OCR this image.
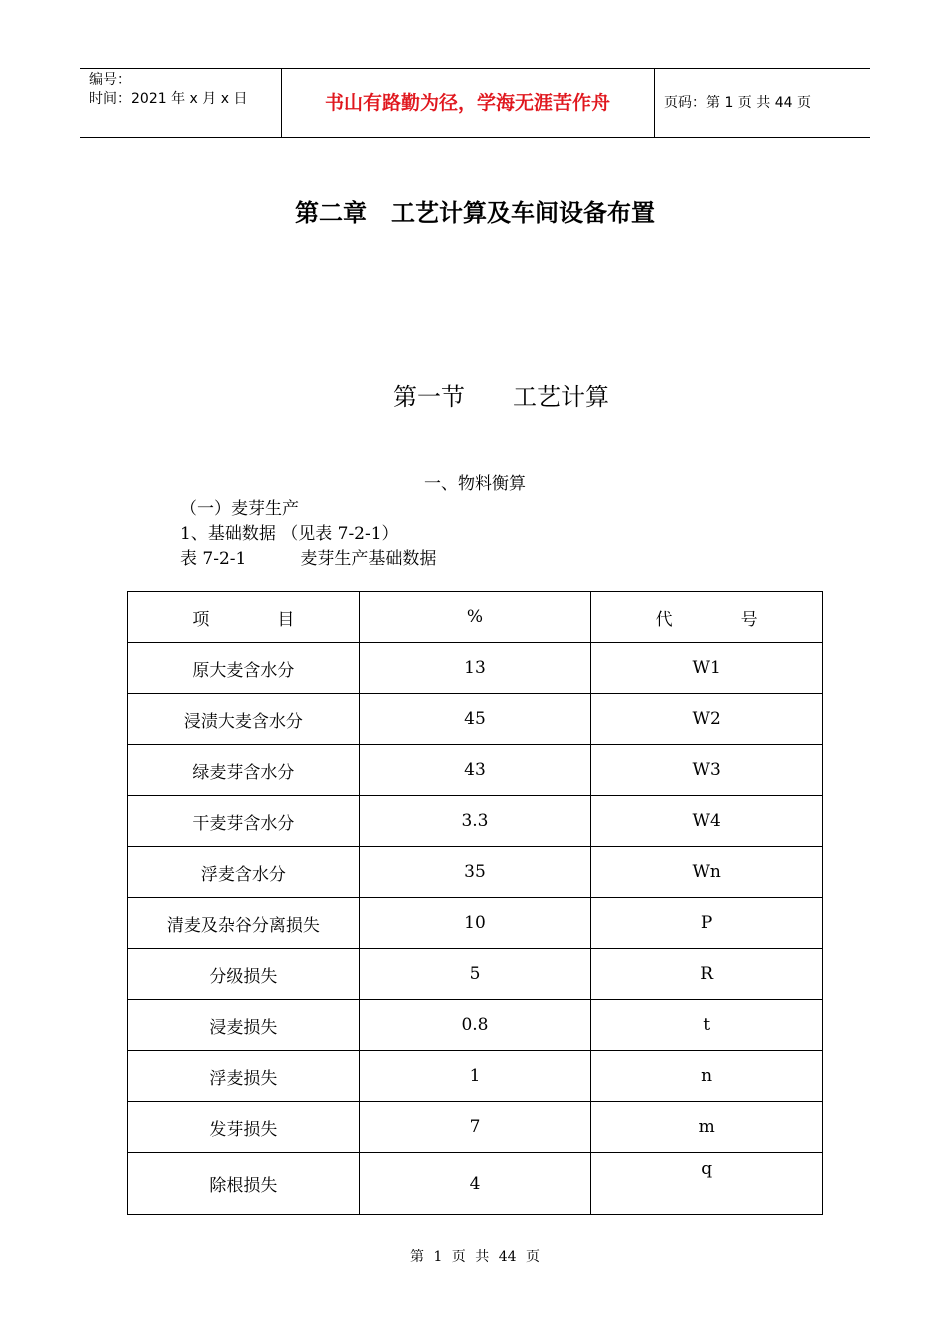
编号：
时间：2021 年 x 月 x 日	书山有路勤为径，学海无涯苦作舟	页码：第 1 页 共 44 页
第二章　工艺计算及车间设备布置
第一节　　工艺计算
一、物料衡算
（一）麦芽生产
1、基础数据 （见表 7-2-1）
表 7-2-1          麦芽生产基础数据
项　　　　目	%	代　　　　号
原大麦含水分	13	W1
浸渍大麦含水分	45	W2
绿麦芽含水分	43	W3
干麦芽含水分	3.3	W4
浮麦含水分	35	Wn
清麦及杂谷分离损失	10	P
分级损失	5	R
浸麦损失	0.8	t
浮麦损失	1	n
发芽损失	7	m
除根损失	4	q
第 1 页 共 44 页
